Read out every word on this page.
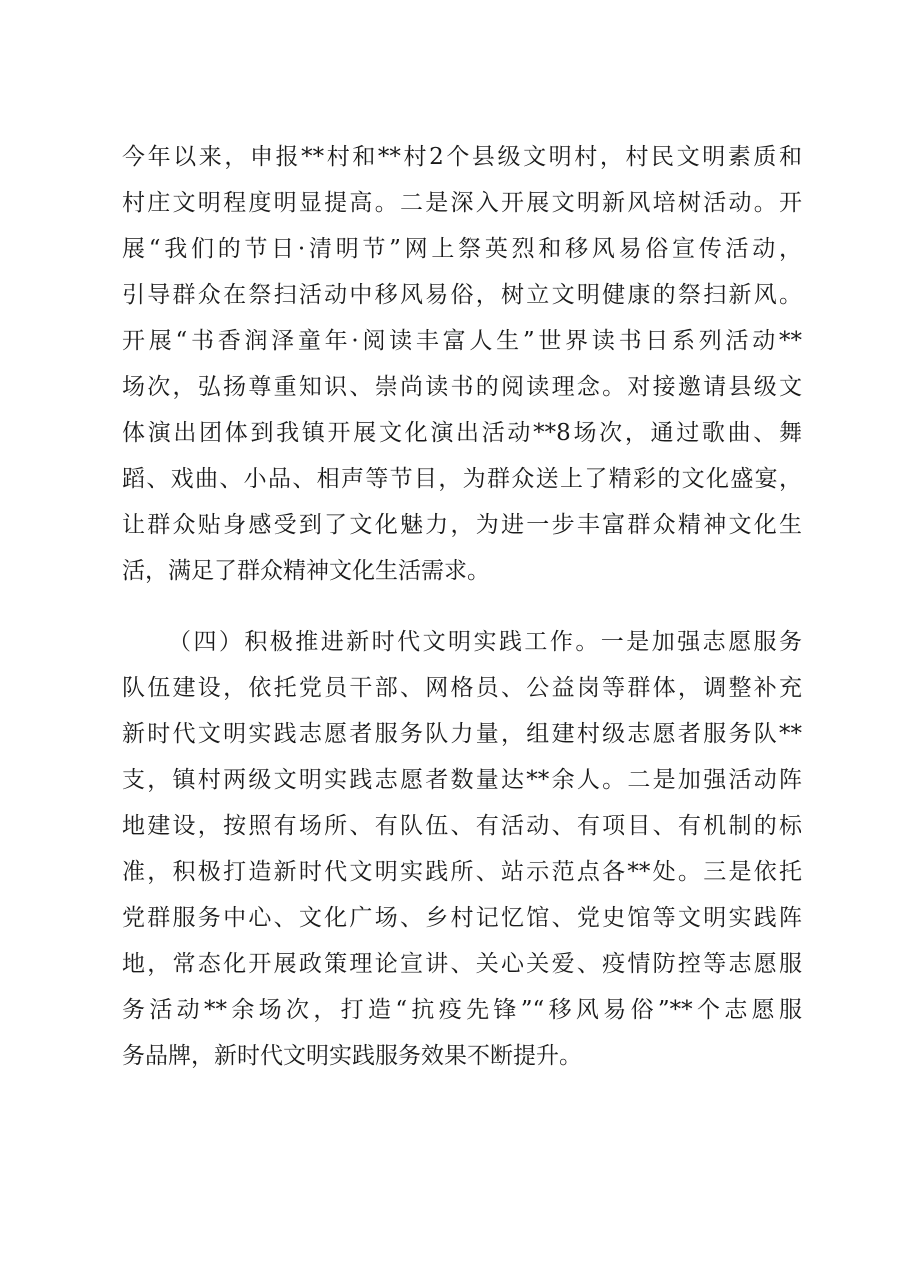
今年以来，申报**村和**村2个县级文明村，村民文明素质和
村庄文明程度明显提高。二是深入开展文明新风培树活动。开
展“我们的节日·清明节”网上祭英烈和移风易俗宣传活动，
引导群众在祭扫活动中移风易俗，树立文明健康的祭扫新风。
开展“书香润泽童年·阅读丰富人生”世界读书日系列活动**
场次，弘扬尊重知识、崇尚读书的阅读理念。对接邀请县级文
体演出团体到我镇开展文化演出活动**8场次，通过歌曲、舞
蹈、戏曲、小品、相声等节目，为群众送上了精彩的文化盛宴，
让群众贴身感受到了文化魅力，为进一步丰富群众精神文化生
活，满足了群众精神文化生活需求。
（四）积极推进新时代文明实践工作。一是加强志愿服务
队伍建设，依托党员干部、网格员、公益岗等群体，调整补充
新时代文明实践志愿者服务队力量，组建村级志愿者服务队**
支，镇村两级文明实践志愿者数量达**余人。二是加强活动阵
地建设，按照有场所、有队伍、有活动、有项目、有机制的标
准，积极打造新时代文明实践所、站示范点各**处。三是依托
党群服务中心、文化广场、乡村记忆馆、党史馆等文明实践阵
地，常态化开展政策理论宣讲、关心关爱、疫情防控等志愿服
务活动**余场次，打造“抗疫先锋”“移风易俗”**个志愿服
务品牌，新时代文明实践服务效果不断提升。
